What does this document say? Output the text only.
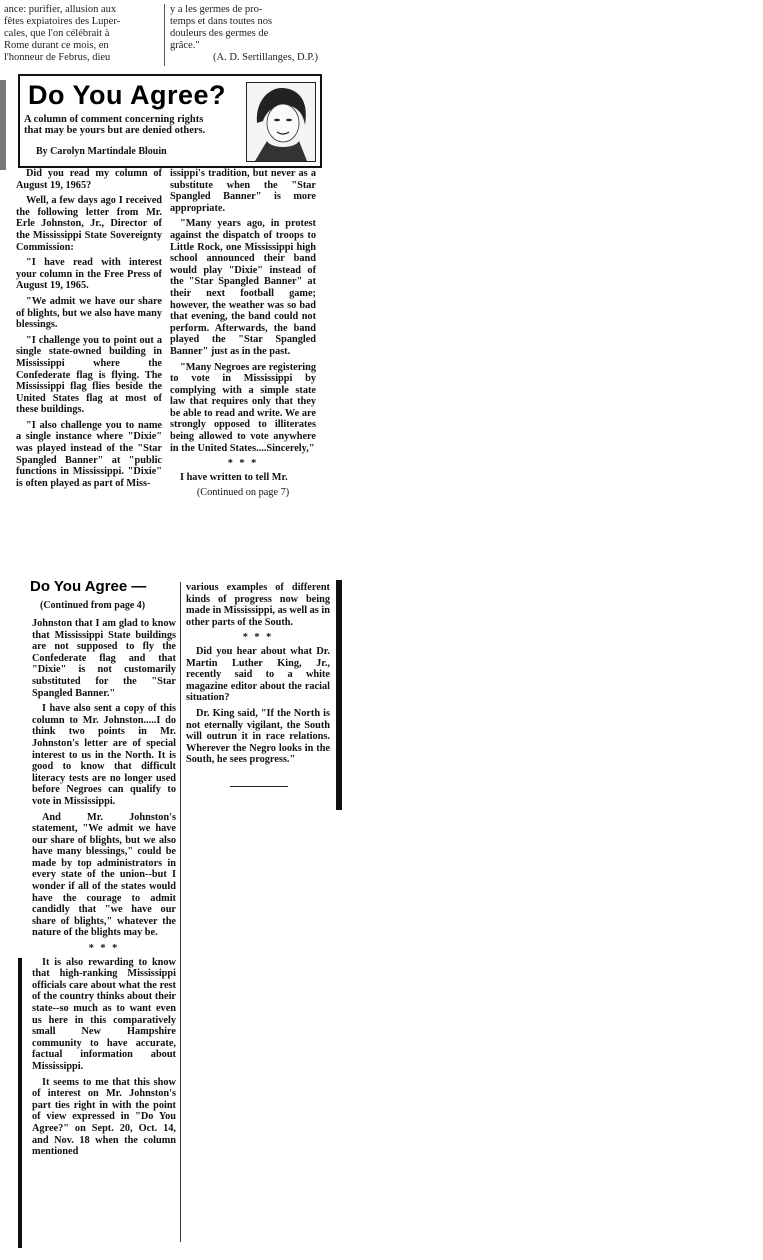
ance: purifier, allusion aux

fêtes expiatoires des Luper-

cales, que l'on célébrait à

Rome durant ce mois, en

l'honneur de Februs, dieu

y a les germes de pro-

temps et dans toutes nos

douleurs des germes de

grâce."

(A. D. Sertillanges, D.P.)

Do You Agree?
A column of comment concerning rights that may be yours but are denied others.
By Carolyn Martindale Blouin

Did you read my column of August 19, 1965?

Well, a few days ago I received the following letter from Mr. Erle Johnston, Jr., Director of the Mississippi State Sovereignty Commission:

"I have read with interest your column in the Free Press of August 19, 1965.

"We admit we have our share of blights, but we also have many blessings.

"I challenge you to point out a single state-owned building in Mississippi where the Confederate flag is flying. The Mississippi flag flies beside the United States flag at most of these buildings.

"I also challenge you to name a single instance where "Dixie" was played instead of the "Star Spangled Banner" at "public functions in Mississippi. "Dixie" is often played as part of Miss-

issippi's tradition, but never as a substitute when the "Star Spangled Banner" is more appropriate.

"Many years ago, in protest against the dispatch of troops to Little Rock, one Mississippi high school announced their band would play "Dixie" instead of the "Star Spangled Banner" at their next football game; however, the weather was so bad that evening, the band could not perform. Afterwards, the band played the "Star Spangled Banner" just as in the past.

"Many Negroes are registering to vote in Mississippi by complying with a simple state law that requires only that they be able to read and write. We are strongly opposed to illiterates being allowed to vote anywhere in the United States....Sincerely,"

* * *

I have written to tell Mr.

(Continued on page 7)

Do You Agree —
(Continued from page 4)

Johnston that I am glad to know that Mississippi State buildings are not supposed to fly the Confederate flag and that "Dixie" is not customarily substituted for the "Star Spangled Banner."

I have also sent a copy of this column to Mr. Johnston.....I do think two points in Mr. Johnston's letter are of special interest to us in the North. It is good to know that difficult literacy tests are no longer used before Negroes can qualify to vote in Mississippi.

And Mr. Johnston's statement, "We admit we have our share of blights, but we also have many blessings," could be made by top administrators in every state of the union--but I wonder if all of the states would have the courage to admit candidly that "we have our share of blights," whatever the nature of the blights may be.

* * *

It is also rewarding to know that high-ranking Mississippi officials care about what the rest of the country thinks about their state--so much as to want even us here in this comparatively small New Hampshire community to have accurate, factual information about Mississippi.

It seems to me that this show of interest on Mr. Johnston's part ties right in with the point of view expressed in "Do You Agree?" on Sept. 20, Oct. 14, and Nov. 18 when the column mentioned

various examples of different kinds of progress now being made in Mississippi, as well as in other parts of the South.

* * *

Did you hear about what Dr. Martin Luther King, Jr., recently said to a white magazine editor about the racial situation?

Dr. King said, "If the North is not eternally vigilant, the South will outrun it in race relations. Wherever the Negro looks in the South, he sees progress."
